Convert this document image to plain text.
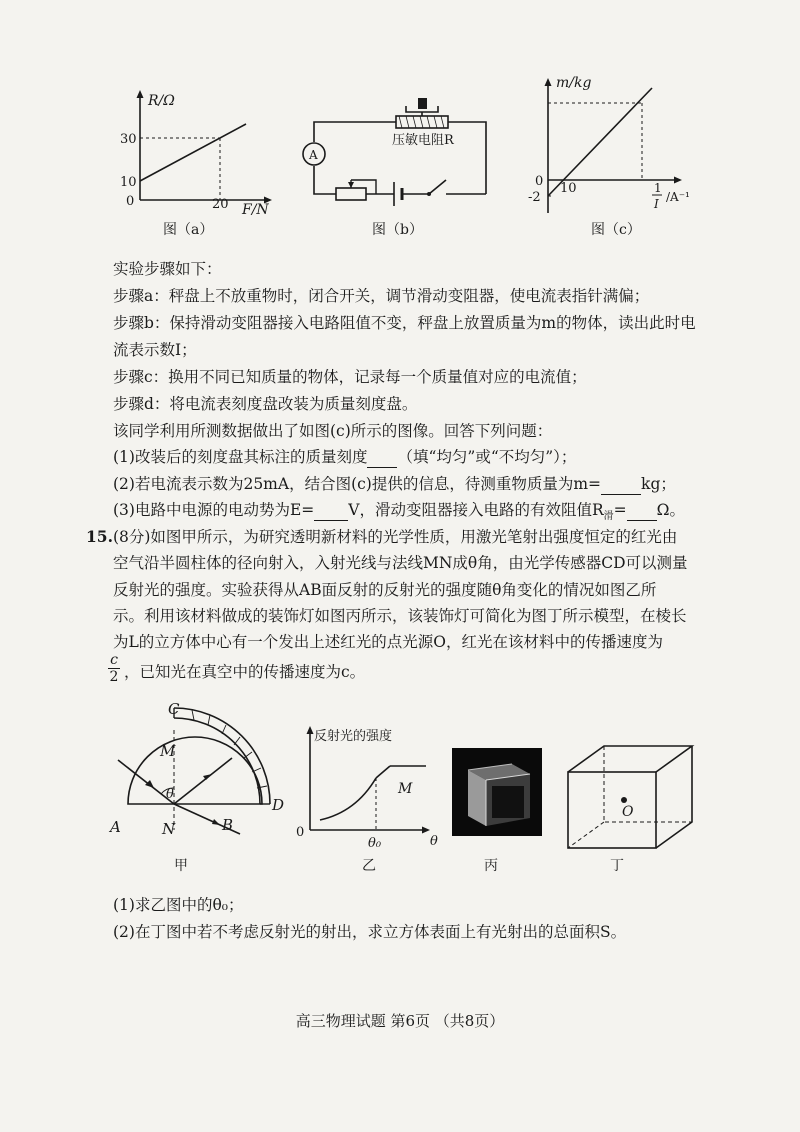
R/Ω
30
10
0	20 F/N
图（a）
A
压敏电阻R
图（b）
m/kg
0
-2
10	1
I /A⁻¹
图（c）
实验步骤如下：
步骤a：秤盘上不放重物时，闭合开关，调节滑动变阻器，使电流表指针满偏；
步骤b：保持滑动变阻器接入电路阻值不变，秤盘上放置质量为m的物体，读出此时电
流表示数I；
步骤c：换用不同已知质量的物体，记录每一个质量值对应的电流值；
步骤d：将电流表刻度盘改装为质量刻度盘。
该同学利用所测数据做出了如图(c)所示的图像。回答下列问题：
(1)改装后的刻度盘其标注的质量刻度 （填“均匀”或“不均匀”）；
(2)若电流表示数为25mA，结合图(c)提供的信息，待测重物质量为m=	kg；
(3)电路中电源的电动势为E= V，滑动变阻器接入电路的有效阻值$R_滑= \Omega$。
15.(8分)如图甲所示，为研究透明新材料的光学性质，用激光笔射出强度恒定的红光由
空气沿半圆柱体的径向射入，入射光线与法线MN成θ角，由光学传感器CD可以测量
反射光的强度。实验获得从AB面反射的反射光的强度随θ角变化的情况如图乙所
示。利用该材料做成的装饰灯如图丙所示，该装饰灯可简化为图丁所示模型，在棱长
为L的立方体中心有一个发出上述红光的点光源O，红光在该材料中的传播速度为
c
2 ，已知光在真空中的传播速度为c。
C
M
θ
D
A	N	B
甲
反射光的强度
M
0
θ₀	θ
乙	丙
O
丁
(1)求乙图中的θ₀；
(2)在丁图中若不考虑反射光的射出，求立方体表面上有光射出的总面积S。
高三物理试题 第6页 （共8页）
